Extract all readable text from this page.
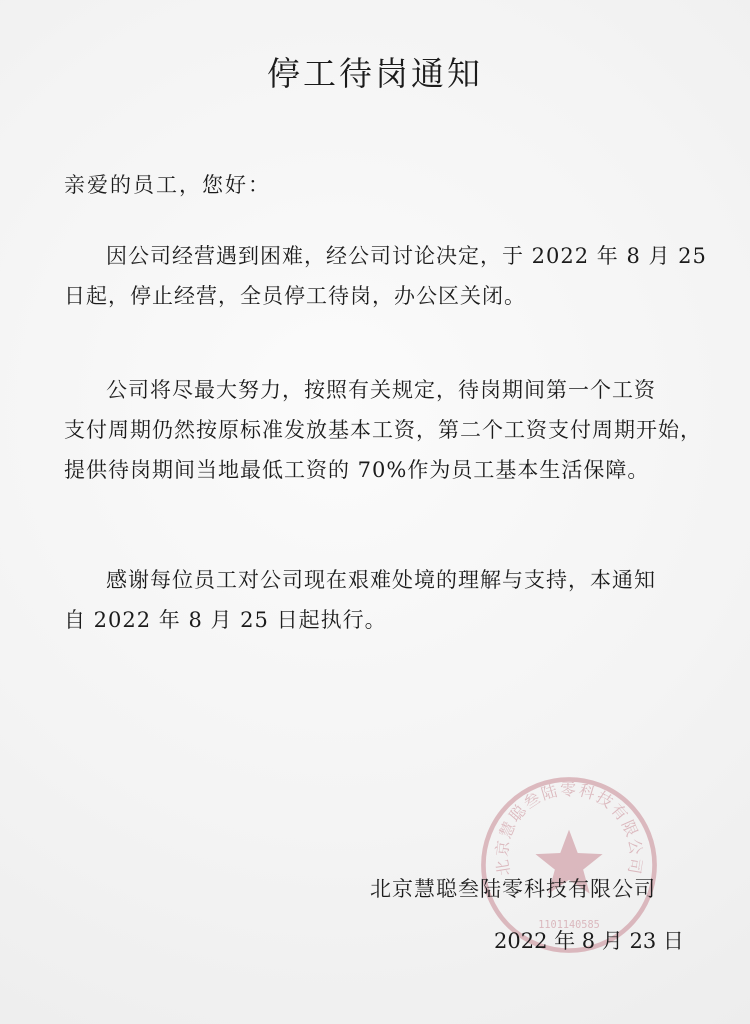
停工待岗通知
亲爱的员工，您好：
因公司经营遇到困难，经公司讨论决定，于 2022 年 8 月 25
日起，停止经营，全员停工待岗，办公区关闭。
公司将尽最大努力，按照有关规定，待岗期间第一个工资
支付周期仍然按原标准发放基本工资，第二个工资支付周期开始，
提供待岗期间当地最低工资的 70%作为员工基本生活保障。
感谢每位员工对公司现在艰难处境的理解与支持，本通知
自 2022 年 8 月 25 日起执行。
北京慧聪叁陆零科技有限公司
1101140585
北京慧聪叁陆零科技有限公司
2022 年 8 月 23 日
